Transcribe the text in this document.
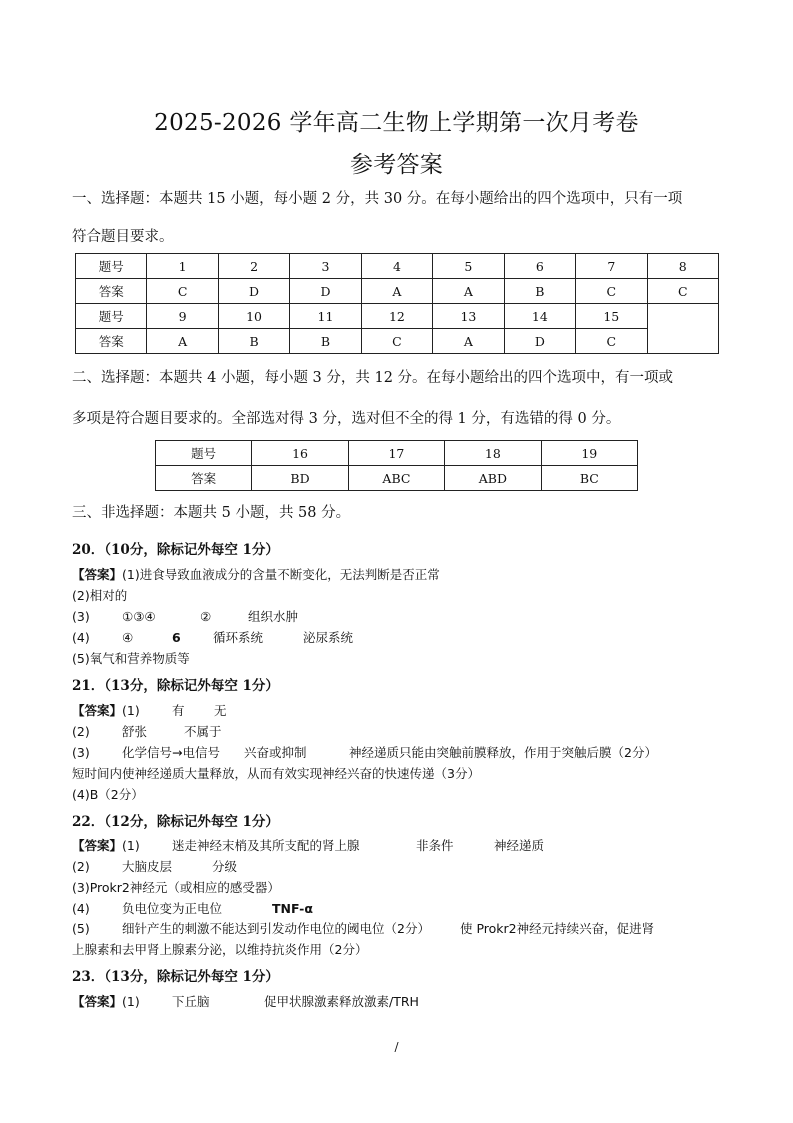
2025-2026 学年高二生物上学期第一次月考卷
参考答案
一、选择题：本题共 15 小题，每小题 2 分，共 30 分。在每小题给出的四个选项中，只有一项
符合题目要求。
题号	1	2	3	4	5	6	7	8
答案	C	D	D	A	A	B	C	C
题号	9	10	11	12	13	14	15	
答案	A	B	B	C	A	D	C	
二、选择题：本题共 4 小题，每小题 3 分，共 12 分。在每小题给出的四个选项中，有一项或
多项是符合题目要求的。全部选对得 3 分，选对但不全的得 1 分，有选错的得 0 分。
题号	16	17	18	19
答案	BD	ABC	ABD	BC
三、非选择题：本题共 5 小题，共 58 分。
20．（10分，除标记外每空 1分）
【答案】(1)进食导致血液成分的含量不断变化，无法判断是否正常
(2)相对的
(3)	①③④	②	组织水肿
(4)	④	6	循环系统	泌尿系统
(5)氧气和营养物质等
21．（13分，除标记外每空 1分）
【答案】(1)	有 无
(2)	舒张	不属于
(3)	化学信号→电信号 兴奋或抑制	神经递质只能由突触前膜释放，作用于突触后膜（2分）
短时间内使神经递质大量释放，从而有效实现神经兴奋的快速传递（3分）
(4)B（2分）
22．（12分，除标记外每空 1分）
【答案】(1)	迷走神经末梢及其所支配的肾上腺	非条件	神经递质
(2)	大脑皮层	分级
(3)Prokr2神经元（或相应的感受器）
(4)	负电位变为正电位	TNF-α
(5)	细针产生的刺激不能达到引发动作电位的阈电位（2分） 使 Prokr2神经元持续兴奋，促进肾
上腺素和去甲肾上腺素分泌，以维持抗炎作用（2分）
23．（13分，除标记外每空 1分）
【答案】(1)	下丘脑	促甲状腺激素释放激素/TRH
/
